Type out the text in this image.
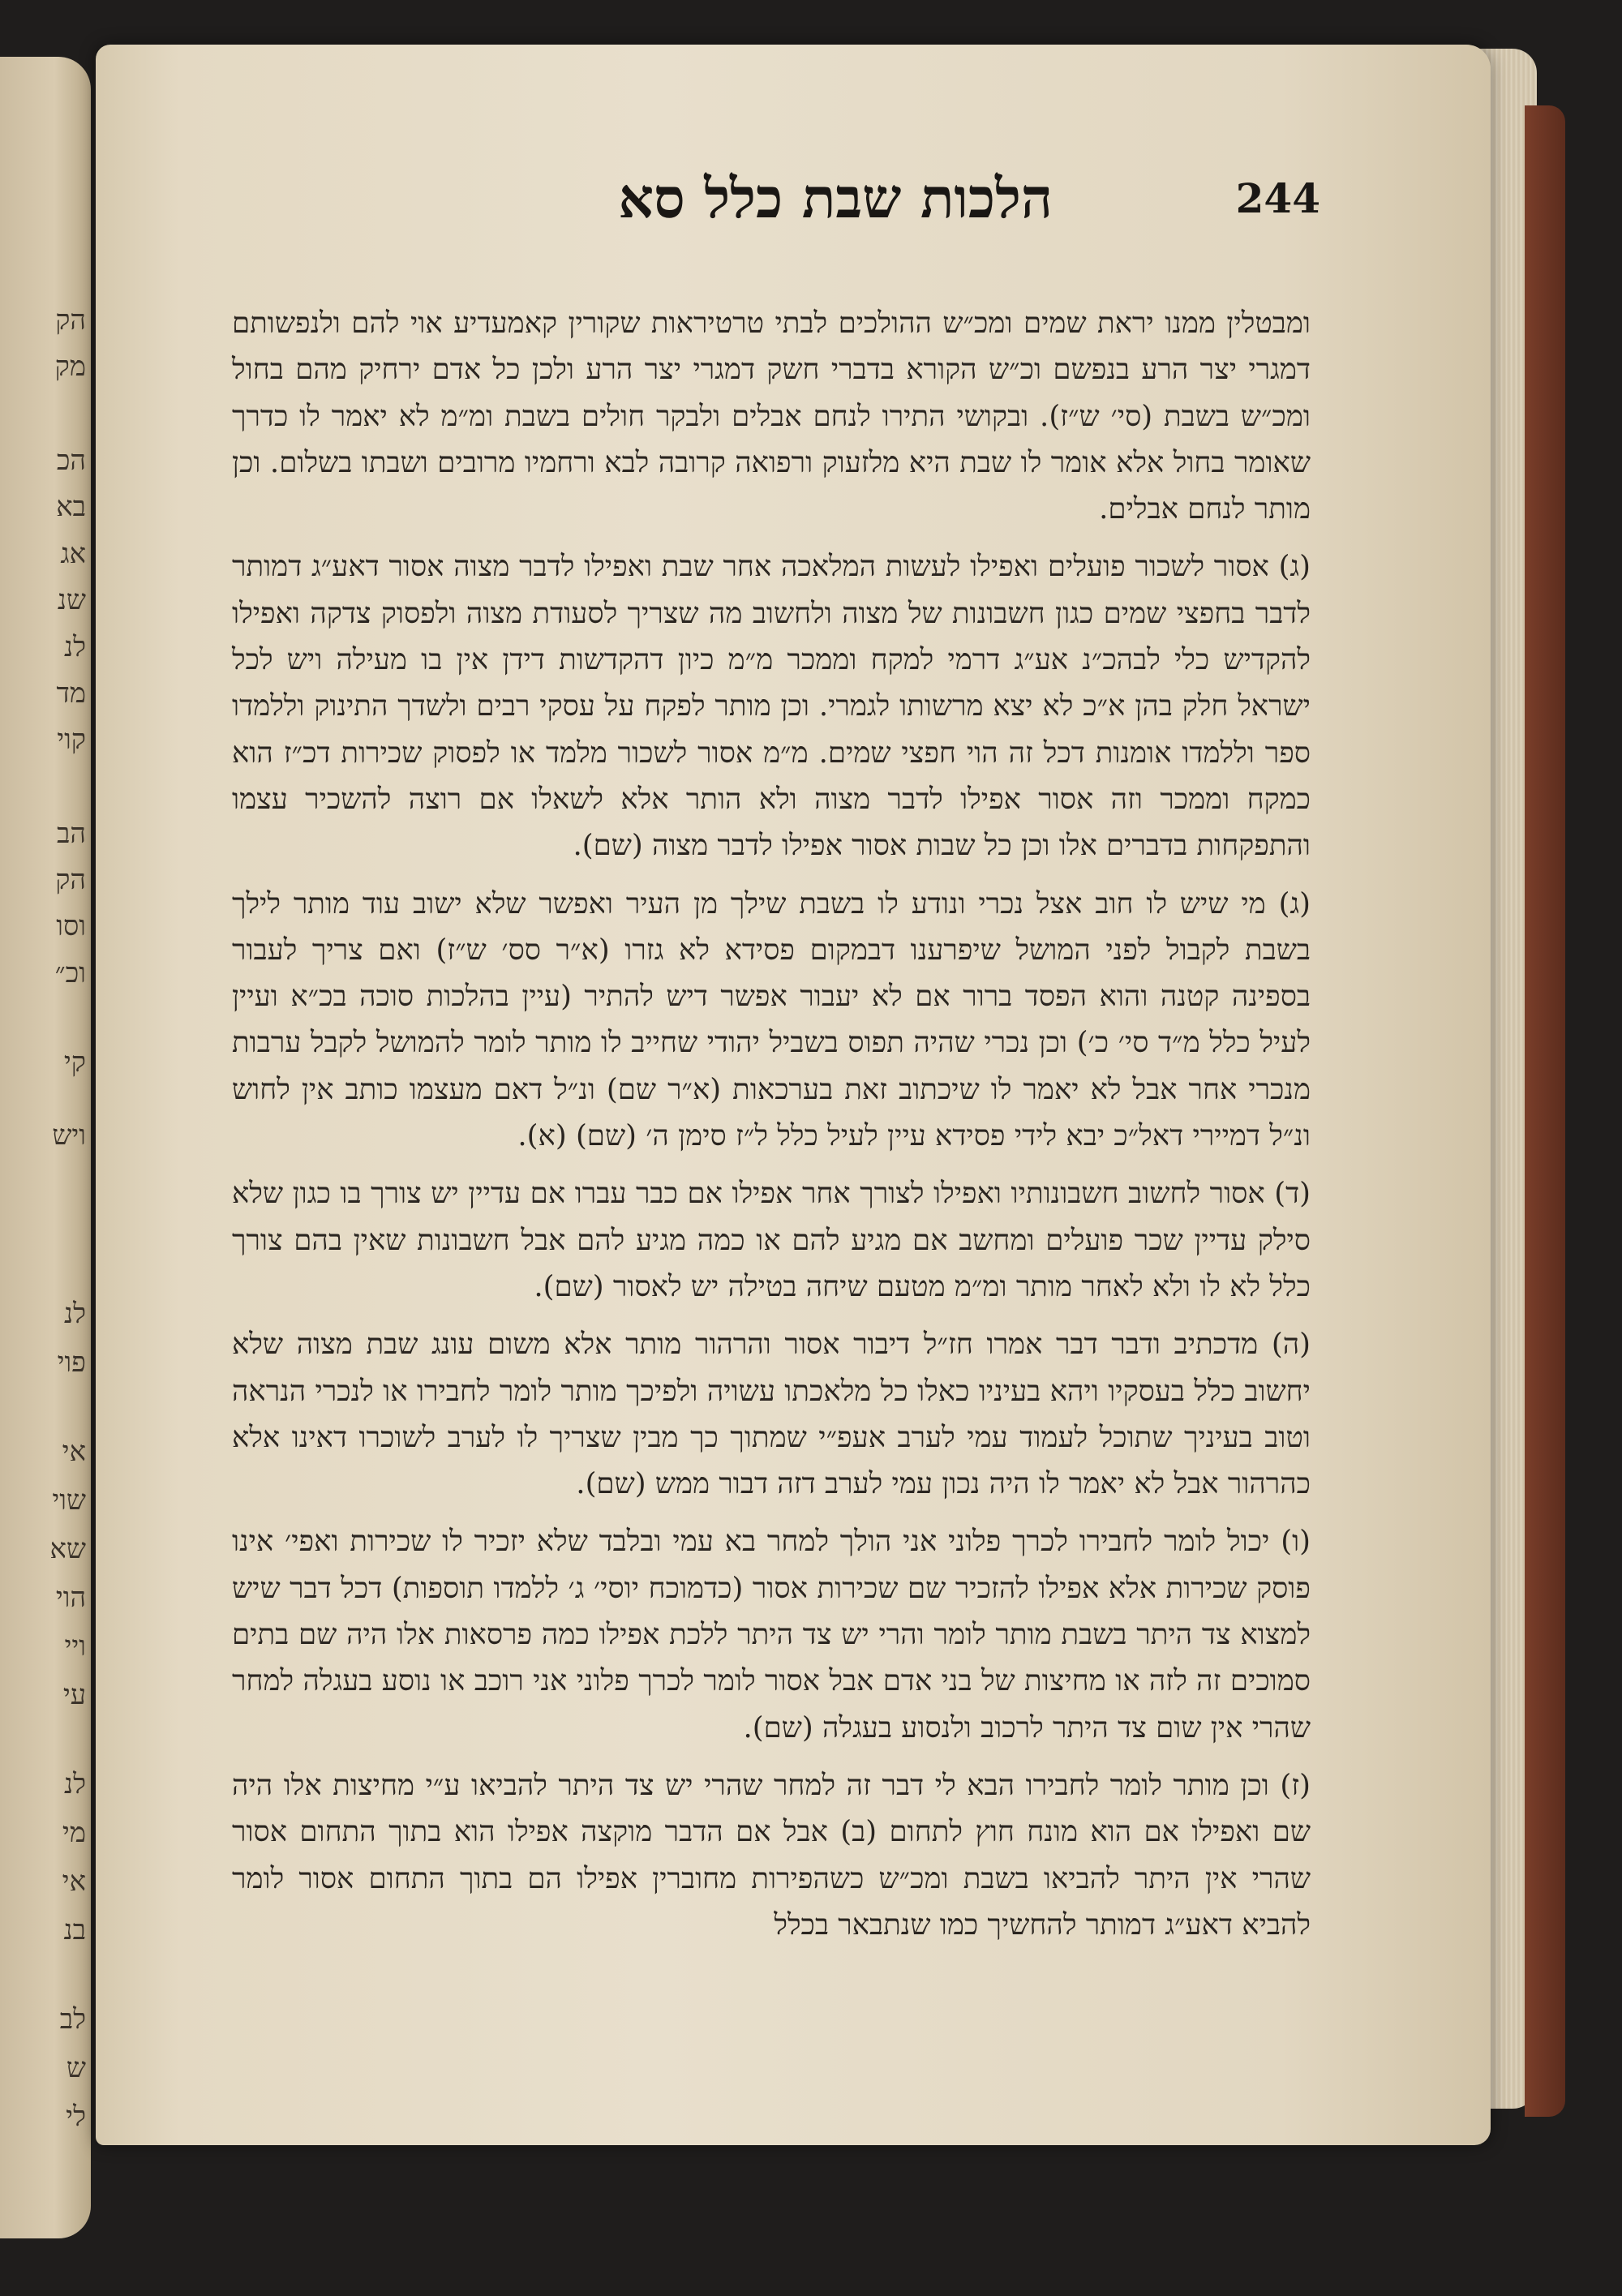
הק
מק
הכ
בא
אג
שנ
לנ
מד
קוי
הב
הק
וסו
וכ״
קי
ויש
לנ
פוי
אי
שוי
שא
הוי
ויי
עי
לנ
מי
אי
בנ
לב
ש
לי
הלכות שבת כלל סא	244

ומבטלין ממנו יראת שמים ומכ״ש ההולכים לבתי טרטיראות שקורין קאמעדיע אוי להם ולנפשותם דמגרי יצר הרע בנפשם וכ״ש הקורא בדברי חשק דמגרי יצר הרע ולכן כל אדם ירחיק מהם בחול ומכ״ש בשבת (סי׳ ש״ז). ובקושי התירו לנחם אבלים ולבקר חולים בשבת ומ״מ לא יאמר לו כדרך שאומר בחול אלא אומר לו שבת היא מלזעוק ורפואה קרובה לבא ורחמיו מרובים ושבתו בשלום. וכן מותר לנחם אבלים.

(ג) אסור לשכור פועלים ואפילו לעשות המלאכה אחר שבת ואפילו לדבר מצוה אסור דאע״ג דמותר לדבר בחפצי שמים כגון חשבונות של מצוה ולחשוב מה שצריך לסעודת מצוה ולפסוק צדקה ואפילו להקדיש כלי לבהכ״נ אע״ג דרמי למקח וממכר מ״מ כיון דהקדשות דידן אין בו מעילה ויש לכל ישראל חלק בהן א״כ לא יצא מרשותו לגמרי. וכן מותר לפקח על עסקי רבים ולשדך התינוק וללמדו ספר וללמדו אומנות דכל זה הוי חפצי שמים. מ״מ אסור לשכור מלמד או לפסוק שכירות דכ״ז הוא כמקח וממכר וזה אסור אפילו לדבר מצוה ולא הותר אלא לשאלו אם רוצה להשכיר עצמו והתפקחות בדברים אלו וכן כל שבות אסור אפילו לדבר מצוה (שם).

(ג) מי שיש לו חוב אצל נכרי ונודע לו בשבת שילך מן העיר ואפשר שלא ישוב עוד מותר לילך בשבת לקבול לפני המושל שיפרענו דבמקום פסידא לא גזרו (א״ר סס׳ ש״ז) ואם צריך לעבור בספינה קטנה והוא הפסד ברור אם לא יעבור אפשר דיש להתיר (עיין בהלכות סוכה בכ״א ועיין לעיל כלל מ״ד סי׳ כ׳) וכן נכרי שהיה תפוס בשביל יהודי שחייב לו מותר לומר להמושל לקבל ערבות מנכרי אחר אבל לא יאמר לו שיכתוב זאת בערכאות (א״ר שם) ונ״ל דאם מעצמו כותב אין לחוש ונ״ל דמיירי דאל״כ יבא לידי פסידא עיין לעיל כלל ל״ז סימן ה׳ (שם) (א).

(ד) אסור לחשוב חשבונותיו ואפילו לצורך אחר אפילו אם כבר עברו אם עדיין יש צורך בו כגון שלא סילק עדיין שכר פועלים ומחשב אם מגיע להם או כמה מגיע להם אבל חשבונות שאין בהם צורך כלל לא לו ולא לאחר מותר ומ״מ מטעם שיחה בטילה יש לאסור (שם).

(ה) מדכתיב ודבר דבר אמרו חז״ל דיבור אסור והרהור מותר אלא משום עונג שבת מצוה שלא יחשוב כלל בעסקיו ויהא בעיניו כאלו כל מלאכתו עשויה ולפיכך מותר לומר לחבירו או לנכרי הנראה וטוב בעיניך שתוכל לעמוד עמי לערב אעפ״י שמתוך כך מבין שצריך לו לערב לשוכרו דאינו אלא כהרהור אבל לא יאמר לו היה נכון עמי לערב דזה דבור ממש (שם).

(ו) יכול לומר לחבירו לכרך פלוני אני הולך למחר בא עמי ובלבד שלא יזכיר לו שכירות ואפי׳ אינו פוסק שכירות אלא אפילו להזכיר שם שכירות אסור (כדמוכח יוסי׳ ג׳ ללמדו תוספות) דכל דבר שיש למצוא צד היתר בשבת מותר לומר והרי יש צד היתר ללכת אפילו כמה פרסאות אלו היה שם בתים סמוכים זה לזה או מחיצות של בני אדם אבל אסור לומר לכרך פלוני אני רוכב או נוסע בעגלה למחר שהרי אין שום צד היתר לרכוב ולנסוע בעגלה (שם).

(ז) וכן מותר לומר לחבירו הבא לי דבר זה למחר שהרי יש צד היתר להביאו ע״י מחיצות אלו היה שם ואפילו אם הוא מונח חוץ לתחום (ב) אבל אם הדבר מוקצה אפילו הוא בתוך התחום אסור שהרי אין היתר להביאו בשבת ומכ״ש כשהפירות מחוברין אפילו הם בתוך התחום אסור לומר להביא דאע״ג דמותר להחשיך כמו שנתבאר בכלל
